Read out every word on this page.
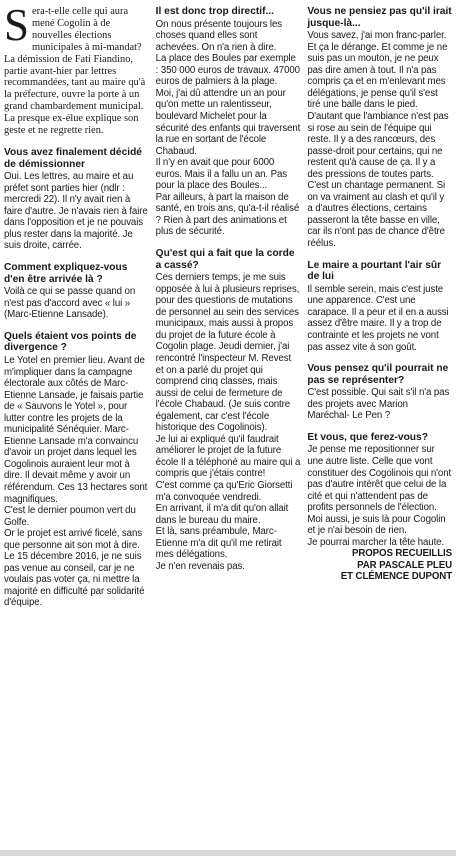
Sera-t-elle celle qui aura mené Cogolin à de nouvelles élections municipales à mi-mandat? La démission de Fati Fiandino, partie avant-hier par lettres recommandées, tant au maire qu'à la préfecture, ouvre la porte à un grand chambardement municipal. La presque ex-élue explique son geste et ne regrette rien.

Vous avez finalement décidé de démissionner

Oui. Les lettres, au maire et au préfet sont parties hier (ndlr : mercredi 22). Il n'y avait rien à faire d'autre. Je n'avais rien à faire dans l'opposition et je ne pouvais plus rester dans la majorité. Je suis droite, carrée.

Comment expliquez-vous d'en être arrivée là ?

Voilà ce qui se passe quand on n'est pas d'accord avec « lui » (Marc-Etienne Lansade).

Quels étaient vos points de divergence ?

Le Yotel en premier lieu. Avant de m'impliquer dans la campagne électorale aux côtés de Marc-Etienne Lansade, je faisais partie de « Sauvons le Yotel », pour lutter contre les projets de la municipalité Sénéquier. Marc-Etienne Lansade m'a convaincu d'avoir un projet dans lequel les Cogolinois auraient leur mot à dire. Il devait même y avoir un référendum. Ces 13 hectares sont magnifiques.
C'est le dernier poumon vert du Golfe.
Or le projet est arrivé ficelé, sans que personne ait son mot à dire. Le 15 décembre 2016, je ne suis pas venue au conseil, car je ne voulais pas voter ça, ni mettre la majorité en difficulté par solidarité d'équipe.

Il est donc trop directif...

On nous présente toujours les choses quand elles sont achevées. On n'a rien à dire.
La place des Boules par exemple : 350 000 euros de travaux. 47000 euros de palmiers à la plage.
Moi, j'ai dû attendre un an pour qu'on mette un ralentisseur, boulevard Michelet pour la sécurité des enfants qui traversent la rue en sortant de l'école Chabaud.
Il n'y en avait que pour 6000 euros. Mais il a fallu un an. Pas pour la place des Boules...
Par ailleurs, à part la maison de santé, en trois ans, qu'a-t-il réalisé ? Rien à part des animations et plus de sécurité.

Qu'est qui a fait que la corde a cassé?

Ces derniers temps, je me suis opposée à lui à plusieurs reprises, pour des questions de mutations de personnel au sein des services municipaux, mais aussi à propos du projet de la future école à Cogolin plage. Jeudi dernier, j'ai rencontré l'inspecteur M. Revest et on a parlé du projet qui comprend cinq classes, mais aussi de celui de fermeture de l'école Chabaud. (Je suis contre également, car c'est l'école historique des Cogolinois).
Je lui ai expliqué qu'il faudrait améliorer le projet de la future école Il a téléphoné au maire qui a compris que j'étais contre!
C'est comme ça qu'Eric Giorsetti m'a convoquée vendredi.
En arrivant, il m'a dit qu'on allait dans le bureau du maire.
Et là, sans préambule, Marc-Etienne m'a dit qu'il me retirait mes délégations.
Je n'en revenais pas.

Vous ne pensiez pas qu'il irait jusque-là...

Vous savez, j'ai mon franc-parler. Et ça le dérange. Et comme je ne suis pas un mouton, je ne peux pas dire amen à tout. Il n'a pas compris ça et en m'enlevant mes délégations, je pense qu'il s'est tiré une balle dans le pied. D'autant que l'ambiance n'est pas si rose au sein de l'équipe qui reste. Il y a des rancœurs, des passe-droit pour certains, qui ne restent qu'à cause de ça. Il y a des pressions de toutes parts. C'est un chantage permanent. Si on va vraiment au clash et qu'il y a d'autres élections, certains passeront la tête basse en ville, car ils n'ont pas de chance d'être réélus.

Le maire a pourtant l'air sûr de lui

Il semble serein, mais c'est juste une apparence. C'est une carapace. Il a peur et il en a aussi assez d'être maire. Il y a trop de contrainte et les projets ne vont pas assez vite à son goût.

Vous pensez qu'il pourrait ne pas se représenter?

C'est possible. Qui sait s'il n'a pas des projets avec Marion Maréchal- Le Pen ?

Et vous, que ferez-vous?

Je pense me repositionner sur une autre liste. Celle que vont constituer des Cogolinois qui n'ont pas d'autre intérêt que celui de la cité et qui n'attendent pas de profits personnels de l'élection. Moi aussi, je suis là pour Cogolin et je n'ai besoin de rien.
Je pourrai marcher la tête haute.

PROPOS RECUEILLIS
PAR PASCALE PLEU
ET CLÉMENCE DUPONT
